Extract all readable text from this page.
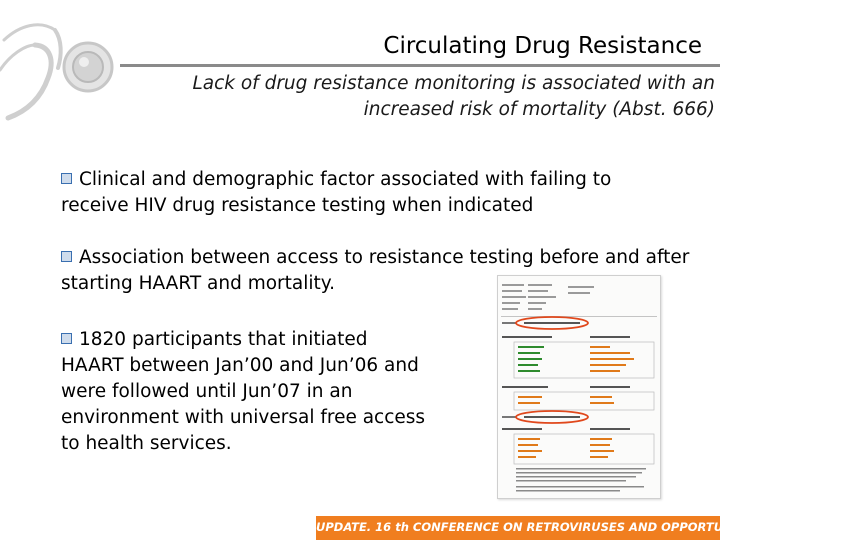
Circulating Drug Resistance
Lack of drug resistance monitoring is associated with an increased risk of mortality (Abst. 666)
Clinical and demographic factor associated with failing to receive HIV drug resistance testing when indicated
Association between access to resistance testing before and after starting HAART and mortality.
1820 participants that initiated HAART between Jan’00 and Jun’06 and were followed until Jun’07 in an environment with universal free access to health services.
UPDATE. 16 th CONFERENCE ON RETROVIRUSES AND OPPORTUNISTIC INFECTIONS
